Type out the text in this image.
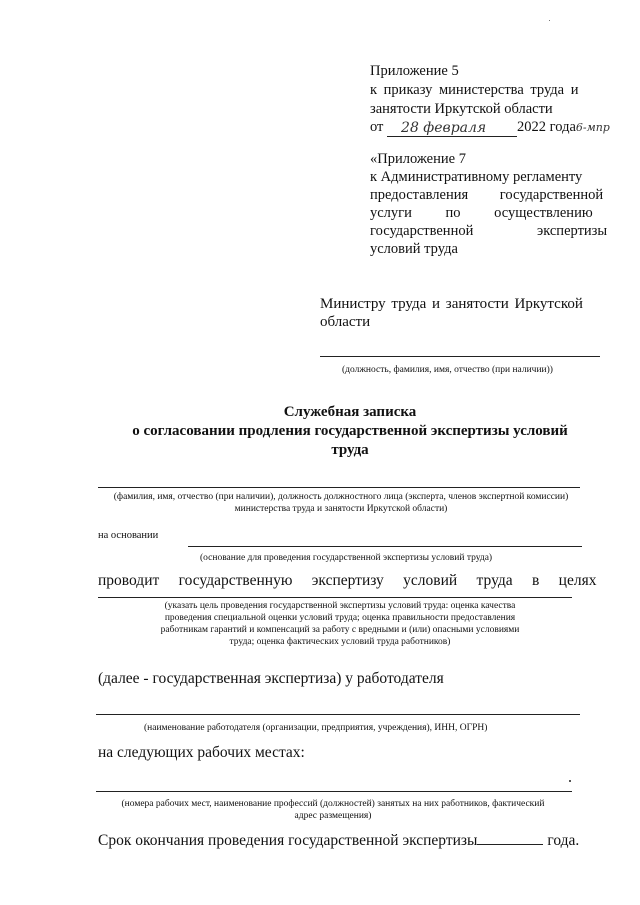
Приложение 5
к приказу министерства труда и
занятости Иркутской области
от 28 февраля 2022 года6-мпр
«Приложение 7
к Административному регламенту
предоставления государственной
услуги по осуществлению
государственной экспертизы
условий труда
Министру труда и занятости Иркутской
области
(должность, фамилия, имя, отчество (при наличии))
Служебная записка
о согласовании продления государственной экспертизы условий
труда
(фамилия, имя, отчество (при наличии), должность должностного лица (эксперта, членов экспертной комиссии) министерства труда и занятости Иркутской области)
на основании
(основание для проведения государственной экспертизы условий труда)
проводит государственную экспертизу условий труда в целях
(указать цель проведения государственной экспертизы условий труда: оценка качества проведения специальной оценки условий труда; оценка правильности предоставления работникам гарантий и компенсаций за работу с вредными и (или) опасными условиями труда; оценка фактических условий труда работников)
(далее - государственная экспертиза) у работодателя
(наименование работодателя (организации, предприятия, учреждения), ИНН, ОГРН)
на следующих рабочих местах:
(номера рабочих мест, наименование профессий (должностей) занятых на них работников, фактический адрес размещения)
Срок окончания проведения государственной экспертизы	года.
